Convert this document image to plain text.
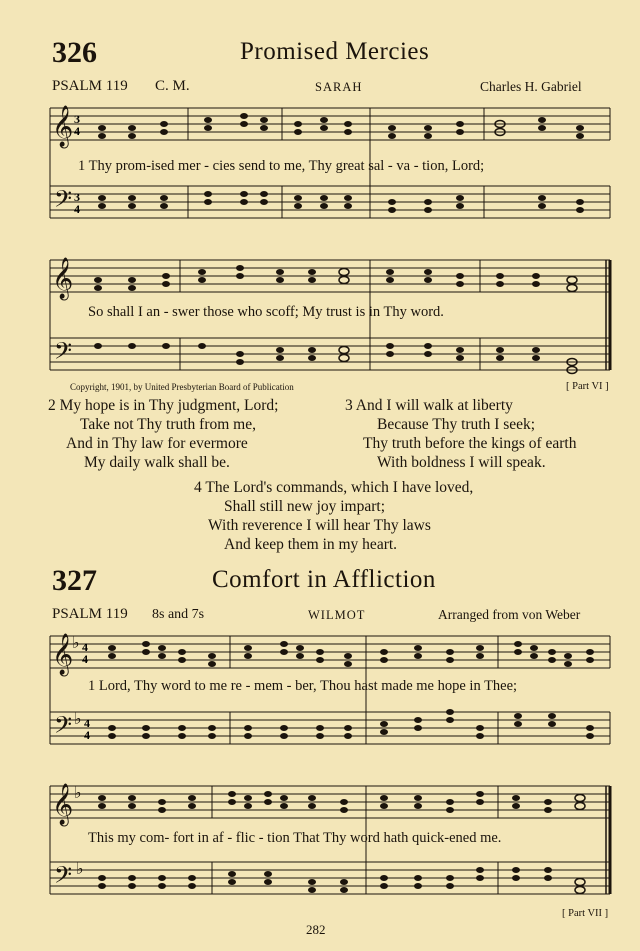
326	Promised Mercies
PSALM 119 C. M.	SARAH	Charles H. Gabriel
𝄞
𝄢
3
4
3
4
1 Thy prom-ised mer - cies send to me, Thy great sal - va - tion, Lord;
𝄞
𝄢
So shall I an - swer those who scoff; My trust is in Thy word.
Copyright, 1901, by United Presbyterian Board of Publication	[ Part VI ]
2 My hope is in Thy judgment, Lord;
Take not Thy truth from me,
And in Thy law for evermore
My daily walk shall be.
3 And I will walk at liberty
Because Thy truth I seek;
Thy truth before the kings of earth
With boldness I will speak.
4 The Lord's commands, which I have loved,
Shall still new joy impart;
With reverence I will hear Thy laws
And keep them in my heart.
327	Comfort in Affliction
PSALM 119 8s and 7s	WILMOT	Arranged from von Weber
𝄞
𝄢
♭
♭
4
4
4
4
1 Lord, Thy word to me re - mem - ber, Thou hast made me hope in Thee;
𝄞
𝄢
♭
♭
This my com- fort in af - flic - tion That Thy word hath quick-ened me.
[ Part VII ]
282
